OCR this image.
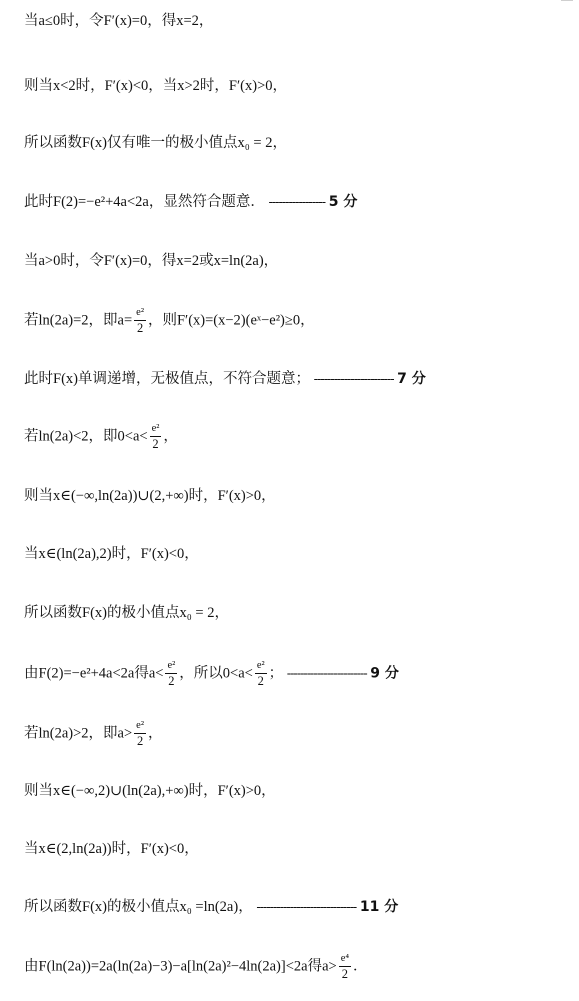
当a≤0时，令F′(x)=0，得x=2，
则当x<2时，F′(x)<0，当x>2时，F′(x)>0，
所以函数F(x)仅有唯一的极小值点x₀ = 2，
此时F(2)=−e²+4a<2a，显然符合题意． ----------------- 5 分
当a>0时，令F′(x)=0，得x=2或x=ln(2a)，
若ln(2a)=2，即$a= \frac{\text{e²}}{2}$ ，则F′(x)=(x−2)(eˣ−e²)≥0，
此时F(x)单调递增，无极值点，不符合题意； ------------------------ 7 分
若ln(2a)<2，即$0<a< \frac{\text{e²}}{2}$ ，
则当x∈(−∞,ln(2a))∪(2,+∞)时，F′(x)>0，
当x∈(ln(2a),2)时，F′(x)<0，
所以函数F(x)的极小值点x₀ = 2，
由F(2)=−e²+4a<2a得$a< \frac{\text{e²}}{2}$ ，所以$0<a< \frac{\text{e²}}{2}$ ； ------------------------ 9 分
若ln(2a)>2，即$a> \frac{\text{e²}}{2}$ ，
则当x∈(−∞,2)∪(ln(2a),+∞)时，F′(x)>0，
当x∈(2,ln(2a))时，F′(x)<0，
所以函数F(x)的极小值点x₀ =ln(2a)， ------------------------------ 11 分
由F(ln(2a))=2a(ln(2a)−3)−a[ln(2a)²−4ln(2a)]<2a得$a> \frac{\text{e⁴}}{2}$ ．
